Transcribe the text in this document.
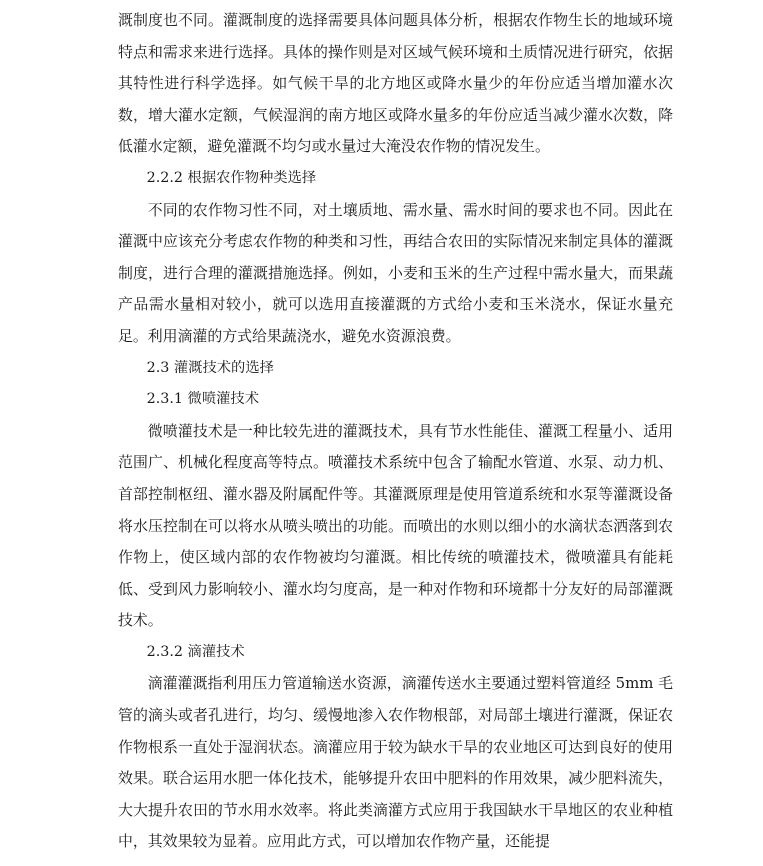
溉制度也不同。灌溉制度的选择需要具体问题具体分析，根据农作物生长的地域环境特点和需求来进行选择。具体的操作则是对区域气候环境和土质情况进行研究，依据其特性进行科学选择。如气候干旱的北方地区或降水量少的年份应适当增加灌水次数，增大灌水定额，气候湿润的南方地区或降水量多的年份应适当减少灌水次数，降低灌水定额，避免灌溉不均匀或水量过大淹没农作物的情况发生。

2.2.2 根据农作物种类选择

不同的农作物习性不同，对土壤质地、需水量、需水时间的要求也不同。因此在灌溉中应该充分考虑农作物的种类和习性，再结合农田的实际情况来制定具体的灌溉制度，进行合理的灌溉措施选择。例如，小麦和玉米的生产过程中需水量大，而果蔬产品需水量相对较小，就可以选用直接灌溉的方式给小麦和玉米浇水，保证水量充足。利用滴灌的方式给果蔬浇水，避免水资源浪费。

2.3 灌溉技术的选择

2.3.1 微喷灌技术

微喷灌技术是一种比较先进的灌溉技术，具有节水性能佳、灌溉工程量小、适用范围广、机械化程度高等特点。喷灌技术系统中包含了输配水管道、水泵、动力机、首部控制枢纽、灌水器及附属配件等。其灌溉原理是使用管道系统和水泵等灌溉设备将水压控制在可以将水从喷头喷出的功能。而喷出的水则以细小的水滴状态洒落到农作物上，使区域内部的农作物被均匀灌溉。相比传统的喷灌技术，微喷灌具有能耗低、受到风力影响较小、灌水均匀度高，是一种对作物和环境都十分友好的局部灌溉技术。

2.3.2 滴灌技术

滴灌灌溉指利用压力管道输送水资源，滴灌传送水主要通过塑料管道经 5mm 毛管的滴头或者孔进行，均匀、缓慢地渗入农作物根部，对局部土壤进行灌溉，保证农作物根系一直处于湿润状态。滴灌应用于较为缺水干旱的农业地区可达到良好的使用效果。联合运用水肥一体化技术，能够提升农田中肥料的作用效果，减少肥料流失，大大提升农田的节水用水效率。将此类滴灌方式应用于我国缺水干旱地区的农业种植中，其效果较为显着。应用此方式，可以增加农作物产量，还能提
